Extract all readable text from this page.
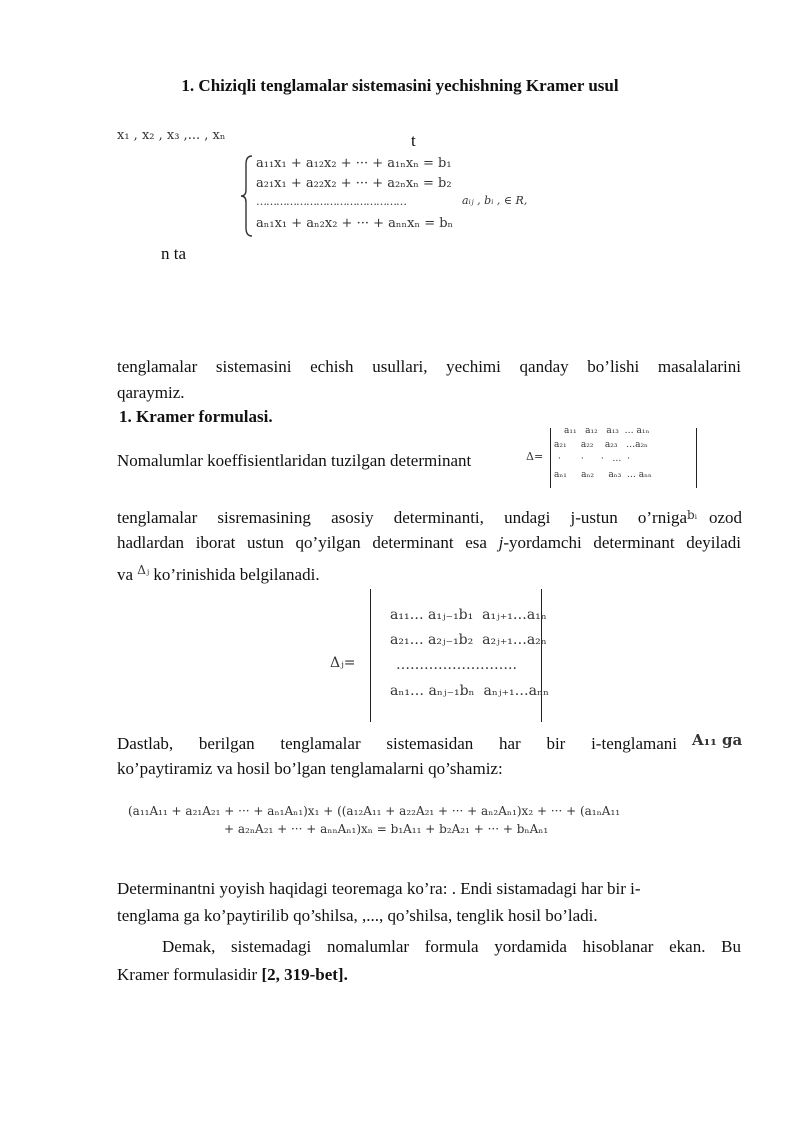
1. Chiziqli tenglamalar sistemasini yechishning Kramer usul
x₁ , x₂ , x₃ ,... , xₙ	t
a₁₁x₁ + a₁₂x₂ + ··· + a₁ₙxₙ = b₁
a₂₁x₁ + a₂₂x₂ + ··· + a₂ₙxₙ = b₂
………………………………………
aₙ₁x₁ + aₙ₂x₂ + ··· + aₙₙxₙ = bₙ
aᵢⱼ , bᵢ , ∈ R,
n ta
tenglamalar sistemasini echish usullari, yechimi qanday bo’lishi masalalarini
qaraymiz.
1. Kramer formulasi.
Nomalumlar koeffisientlaridan tuzilgan determinant	Δ=
a₁₁   a₁₂   a₁₃  … a₁ₙ
a₂₁     a₂₂    a₂₃   …a₂ₙ
·       ·      ·   …  ·
aₙ₁     aₙ₂     aₙ₃  … aₙₙ
tenglamalar sisremasining asosiy determinanti, undagi j-ustun o’rniga bᵢ ozod
hadlardan iborat ustun qo’yilgan determinant esa j-yordamchi determinant deyiladi
va $^{\Delta ⱼ}$ ko’rinishida belgilanadi.
Δⱼ=
a₁₁… a₁ⱼ₋₁b₁  a₁ⱼ₊₁…a₁ₙ
a₂₁… a₂ⱼ₋₁b₂  a₂ⱼ₊₁…a₂ₙ
……………………..
aₙ₁… aₙⱼ₋₁bₙ  aₙⱼ₊₁…aₙₙ
Dastlab, berilgan tenglamalar sistemasidan har bir i-tenglamani A₁₁ ga
ko’paytiramiz va hosil bo’lgan tenglamalarni qo’shamiz:
(a₁₁A₁₁ + a₂₁A₂₁ + ··· + aₙ₁Aₙ₁)x₁ + ((a₁₂A₁₁ + a₂₂A₂₁ + ··· + aₙ₂Aₙ₁)x₂ + ··· + (a₁ₙA₁₁
+ a₂ₙA₂₁ + ··· + aₙₙAₙ₁)xₙ = b₁A₁₁ + b₂A₂₁ + ··· + bₙAₙ₁
Determinantni yoyish haqidagi teoremaga ko’ra: . Endi sistamadagi har bir i-
tenglama ga ko’paytirilib qo’shilsa, ,..., qo’shilsa, tenglik hosil bo’ladi.
Demak, sistemadagi nomalumlar formula yordamida hisoblanar ekan. Bu
Kramer formulasidir [2, 319-bet].
